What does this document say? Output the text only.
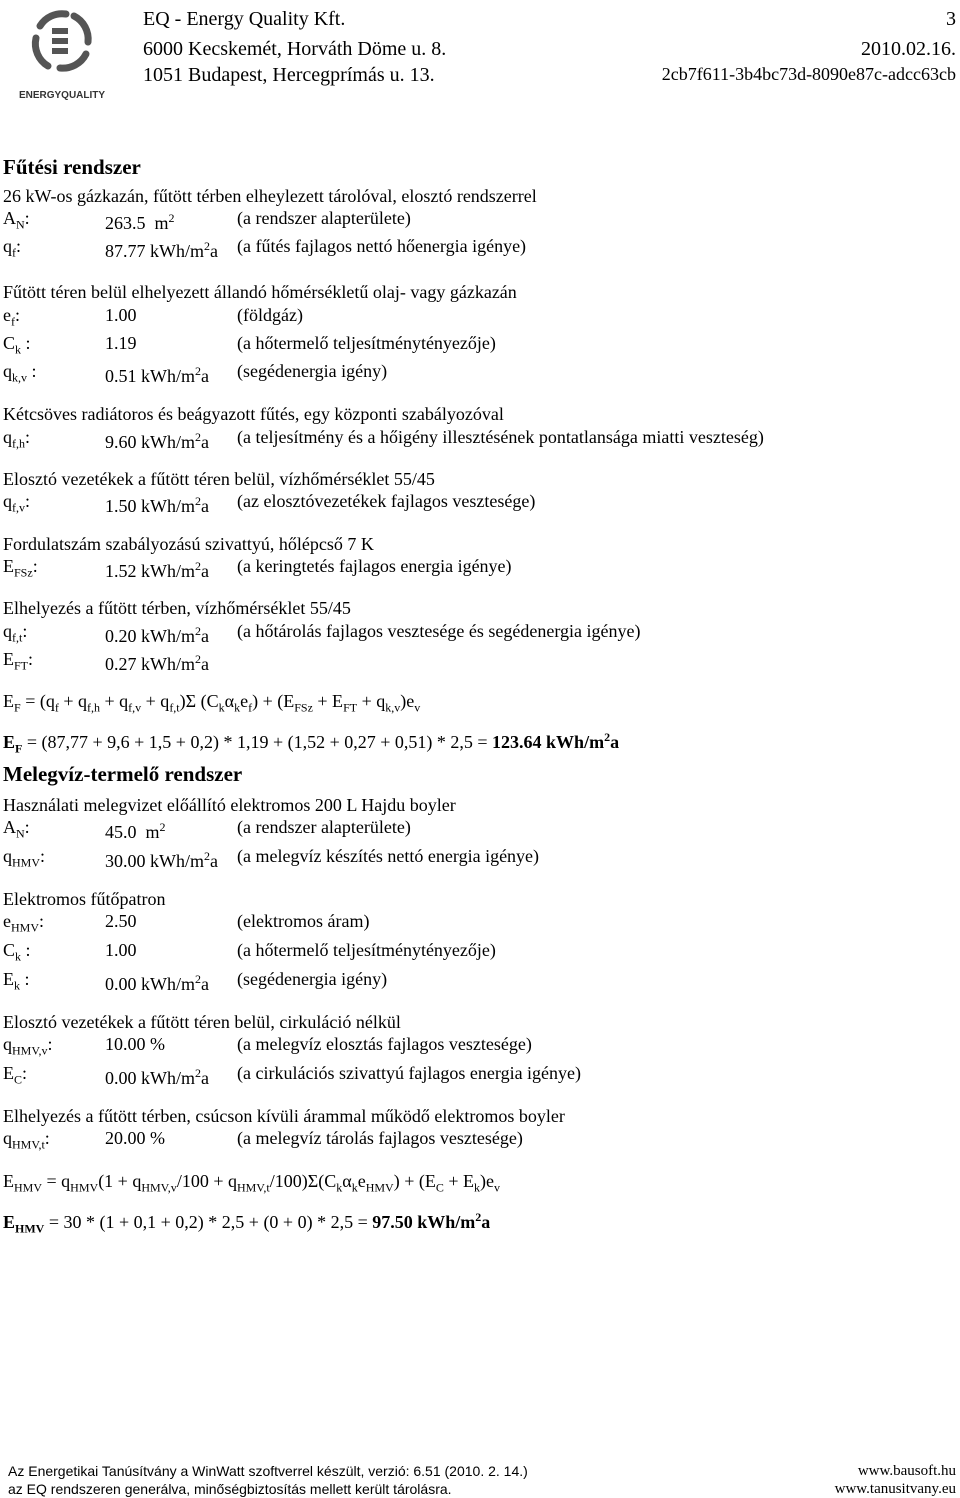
ENERGYQUALITY
EQ - Energy Quality Kft.
6000 Kecskemét, Horváth Döme u. 8.
1051 Budapest, Hercegprímás u. 13.
3
2010.02.16.
2cb7f611-3b4bc73d-8090e87c-adcc63cb
Fűtési rendszer
26 kW-os gázkazán, fűtött térben elheylezett tárolóval, elosztó rendszerrel
$A_N$:	263.5 $m^2$	(a rendszer alapterülete)
$q_f$:	87.77 kWh/$m^2a$ (a fűtés fajlagos nettó hőenergia igénye)
Fűtött téren belül elhelyezett állandó hőmérsékletű olaj- vagy gázkazán
$e_f$:	1.00	(földgáz)
$C_k$ :	1.19	(a hőtermelő teljesítménytényezője)
$q_{k,v}$ :	0.51 kWh/$m^2a$ (segédenergia igény)
Kétcsöves radiátoros és beágyazott fűtés, egy központi szabályozóval
$q_{f,h}$:	9.60 kWh/$m^2a$ (a teljesítmény és a hőigény illesztésének pontatlansága miatti veszteség)
Elosztó vezetékek a fűtött téren belül, vízhőmérséklet 55/45
$q_{f,v}$:	1.50 kWh/$m^2a$ (az elosztóvezetékek fajlagos vesztesége)
Fordulatszám szabályozású szivattyú, hőlépcső 7 K
$E_{FSz}$:	1.52 kWh/$m^2a$ (a keringtetés fajlagos energia igénye)
Elhelyezés a fűtött térben, vízhőmérséklet 55/45
$q_{f,t}$:	0.20 kWh/$m^2a$ (a hőtárolás fajlagos vesztesége és segédenergia igénye)
$E_{FT}$:	0.27 kWh/$m^2a$
$E_F = (q_f + q_{f,h} + q_{f,v} + q_{f,t})\Sigma$ $(C_k\alpha_ke_f) + (E_{FSz} + E_{FT} + q_{k,v})e_v$
$E_F = (87,77 + 9,6 + 1,5 + 0,2) * 1,19 + (1,52 + 0,27 + 0,51) * 2,5 = 123.64$ kWh/$m^2a$
Melegvíz-termelő rendszer
Használati melegvizet előállító elektromos 200 L Hajdu boyler
$A_N$:	45.0 $m^2$	(a rendszer alapterülete)
$q_{HMV}$:	30.00 kWh/$m^2a$ (a melegvíz készítés nettó energia igénye)
Elektromos fűtőpatron
$e_{HMV}$:	2.50	(elektromos áram)
$C_k$ :	1.00	(a hőtermelő teljesítménytényezője)
$E_k$ :	0.00 kWh/$m^2a$ (segédenergia igény)
Elosztó vezetékek a fűtött téren belül, cirkuláció nélkül
$q_{HMV,v}$:	10.00 %	(a melegvíz elosztás fajlagos vesztesége)
$E_C$:	0.00 kWh/$m^2a$ (a cirkulációs szivattyú fajlagos energia igénye)
Elhelyezés a fűtött térben, csúcson kívüli árammal működő elektromos boyler
$q_{HMV,t}$:	20.00 %	(a melegvíz tárolás fajlagos vesztesége)
$E_{HMV} = q_{HMV}(1 + q_{HMV,v}/100 + q_{HMV,t}/100)\Sigma(C_k\alpha_ke_{HMV}) + (E_C + E_k)e_v$
$E_{HMV} = 30 * (1 + 0,1 + 0,2) * 2,5 + (0 + 0) * 2,5 = 97.50$ kWh/$m^2a$
Az Energetikai Tanúsítvány a WinWatt szoftverrel készült, verzió: 6.51 (2010. 2. 14.)	www.bausoft.hu
az EQ rendszeren generálva, minőségbiztosítás mellett került tárolásra.	www.tanusitvany.eu
